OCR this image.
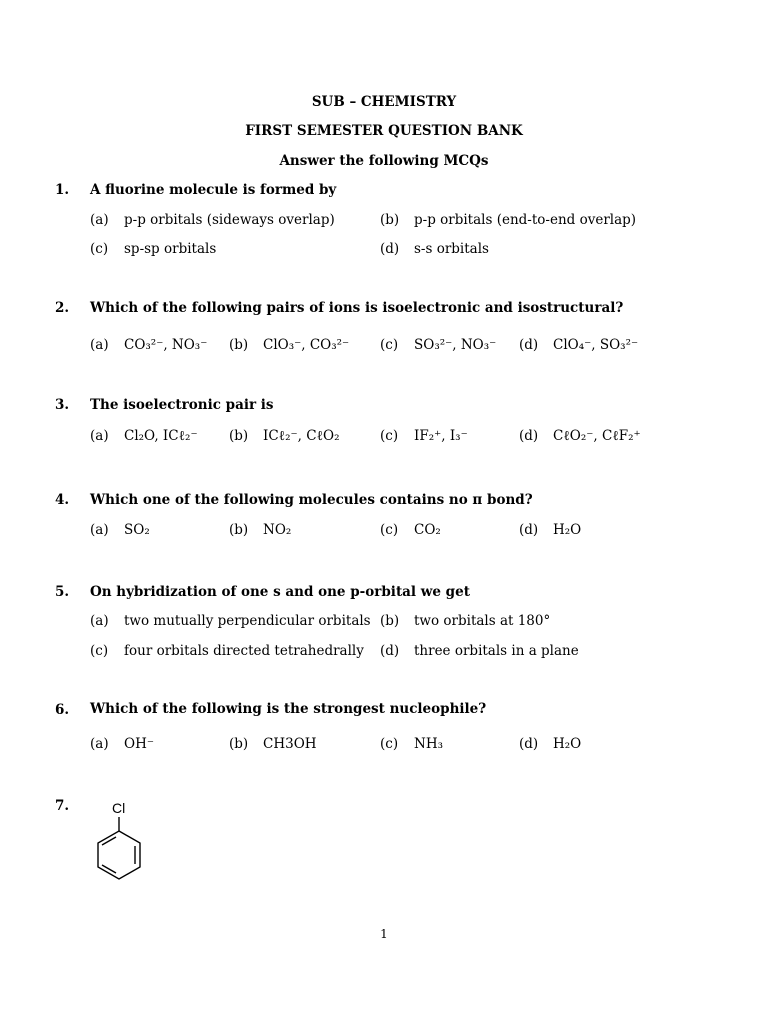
SUB – CHEMISTRY
FIRST SEMESTER QUESTION BANK
Answer the following MCQs
1. A fluorine molecule is formed by
(a) p-p orbitals (sideways overlap)	(b) p-p orbitals (end-to-end overlap)
(c) sp-sp orbitals	(d) s-s orbitals
2. Which of the following pairs of ions is isoelectronic and isostructural?
(a) CO₃²⁻, NO₃⁻ (b) ClO₃⁻, CO₃²⁻ (c) SO₃²⁻, NO₃⁻ (d) ClO₄⁻, SO₃²⁻
3. The isoelectronic pair is
(a) Cl₂O, ICℓ₂⁻ (b) ICℓ₂⁻, CℓO₂	(c) IF₂⁺, I₃⁻	(d) CℓO₂⁻, CℓF₂⁺
4. Which one of the following molecules contains no π bond?
(a) SO₂	(b) NO₂	(c) CO₂	(d) H₂O
5. On hybridization of one s and one p-orbital we get
(a) two mutually perpendicular orbitals (b) two orbitals at 180°
(c) four orbitals directed tetrahedrally (d) three orbitals in a plane
6. Which of the following is the strongest nucleophile?
(a) OH⁻	(b) CH3OH	(c) NH₃	(d) H₂O
7.	Cl
1
